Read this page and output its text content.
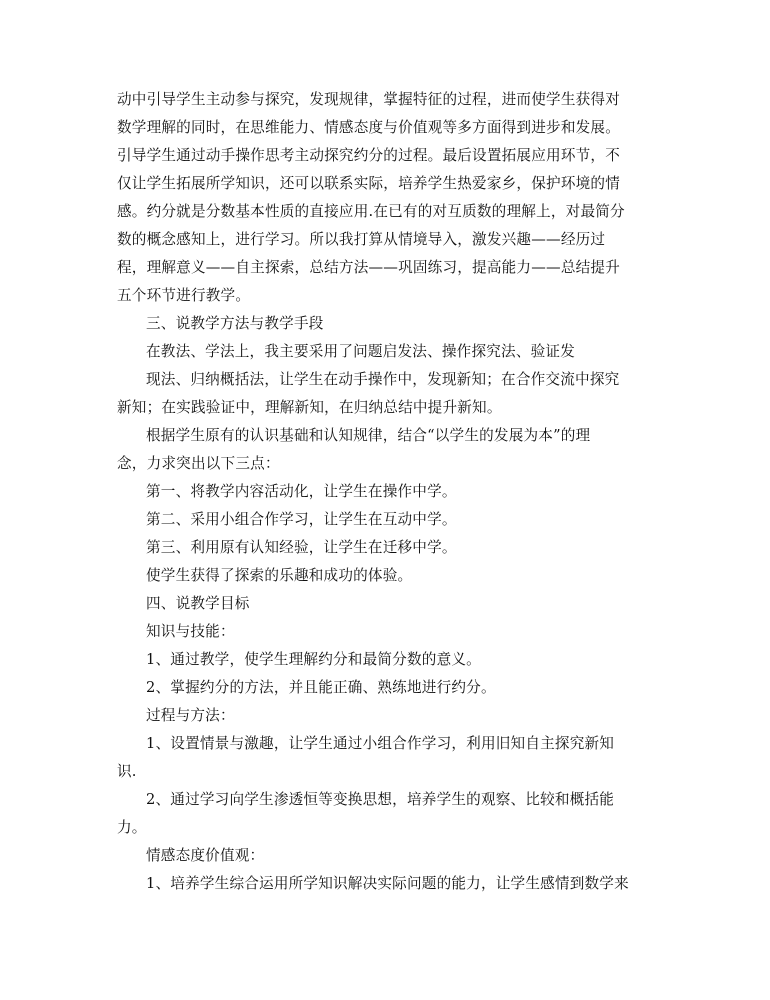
动中引导学生主动参与探究，发现规律，掌握特征的过程，进而使学生获得对
数学理解的同时，在思维能力、情感态度与价值观等多方面得到进步和发展。
引导学生通过动手操作思考主动探究约分的过程。最后设置拓展应用环节，不
仅让学生拓展所学知识，还可以联系实际，培养学生热爱家乡，保护环境的情
感。约分就是分数基本性质的直接应用.在已有的对互质数的理解上，对最简分
数的概念感知上，进行学习。所以我打算从情境导入，激发兴趣——经历过
程，理解意义——自主探索，总结方法——巩固练习，提高能力——总结提升
五个环节进行教学。
三、说教学方法与教学手段
在教法、学法上，我主要采用了问题启发法、操作探究法、验证发
现法、归纳概括法，让学生在动手操作中，发现新知；在合作交流中探究
新知；在实践验证中，理解新知，在归纳总结中提升新知。
根据学生原有的认识基础和认知规律，结合“以学生的发展为本”的理
念，力求突出以下三点：
第一、将教学内容活动化，让学生在操作中学。
第二、采用小组合作学习，让学生在互动中学。
第三、利用原有认知经验，让学生在迁移中学。
使学生获得了探索的乐趣和成功的体验。
四、说教学目标
知识与技能：
1、通过教学，使学生理解约分和最简分数的意义。
2、掌握约分的方法，并且能正确、熟练地进行约分。
过程与方法：
1、设置情景与激趣，让学生通过小组合作学习，利用旧知自主探究新知
识.
2、通过学习向学生渗透恒等变换思想，培养学生的观察、比较和概括能
力。
情感态度价值观：
1、培养学生综合运用所学知识解决实际问题的能力，让学生感情到数学来
